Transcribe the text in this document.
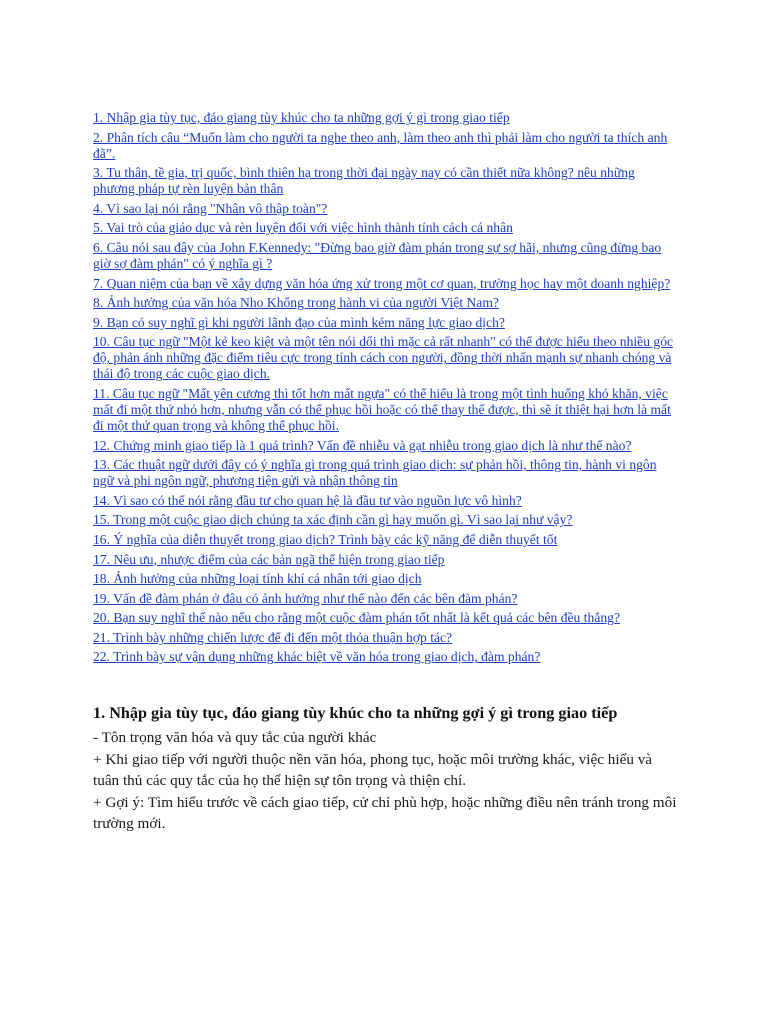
1. Nhập gia tùy tục, đáo giang tùy khúc cho ta những gợi ý gì trong giao tiếp
2. Phân tích câu “Muốn làm cho người ta nghe theo anh, làm theo anh thì phải làm cho người ta thích anh đã”.
3. Tu thân, tề gia, trị quốc, bình thiên hạ trong thời đại ngày nay có cần thiết nữa không? nêu những phương pháp tự rèn luyện bản thân
4. Vì sao lại nói rằng "Nhân vô thập toàn"?
5. Vai trò của giáo dục và rèn luyện đối với việc hình thành tính cách cá nhân
6. Câu nói sau đây của John F.Kennedy: "Đừng bao giờ đàm phán trong sự sợ hãi, nhưng cũng đừng bao giờ sợ đàm phán" có ý nghĩa gì ?
7. Quan niệm của bạn về xây dựng văn hóa ứng xử trong một cơ quan, trường học hay một doanh nghiệp?
8. Ảnh hưởng của văn hóa Nho Khổng trong hành vi của người Việt Nam?
9. Bạn có suy nghĩ gì khi người lãnh đạo của mình kém năng lực giao dịch?
10. Câu tục ngữ "Một kẻ keo kiệt và một tên nói dối thì mặc cả rất nhanh" có thể được hiểu theo nhiều góc độ, phản ánh những đặc điểm tiêu cực trong tính cách con người, đồng thời nhấn mạnh sự nhanh chóng và thái độ trong các cuộc giao dịch.
11. Câu tục ngữ "Mất yên cương thì tốt hơn mất ngựa" có thể hiểu là trong một tình huống khó khăn, việc mất đi một thứ nhỏ hơn, nhưng vẫn có thể phục hồi hoặc có thể thay thế được, thì sẽ ít thiệt hại hơn là mất đi một thứ quan trọng và không thể phục hồi.
12. Chứng minh giao tiếp là 1 quá trình? Vấn đề nhiễu và gạt nhiễu trong giao dịch là như thế nào?
13. Các thuật ngữ dưới đây có ý nghĩa gì trong quá trình giao dịch: sự phản hồi, thông tin, hành vi ngôn ngữ và phi ngôn ngữ, phương tiện gửi và nhận thông tin
14. Vì sao có thể nói rằng đầu tư cho quan hệ là đầu tư vào nguồn lực vô hình?
15. Trong một cuộc giao dịch chúng ta xác định cần gì hay muốn gì. Vì sao lại như vậy?
16. Ý nghĩa của diễn thuyết trong giao dịch? Trình bày các kỹ năng để diễn thuyết tốt
17. Nêu ưu, nhược điểm của các bản ngã thể hiện trong giao tiếp
18. Ảnh hưởng của những loại tính khí cá nhân tới giao dịch
19. Vấn đề đàm phán ở đâu có ảnh hưởng như thế nào đến các bên đàm phán?
20. Bạn suy nghĩ thế nào nếu cho rằng một cuộc đàm phán tốt nhất là kết quả các bên đều thắng?
21. Trình bày những chiến lược để đi đến một thỏa thuận hợp tác?
22. Trình bày sự vận dụng những khác biệt về văn hóa trong giao dịch, đàm phán?
1. Nhập gia tùy tục, đáo giang tùy khúc cho ta những gợi ý gì trong giao tiếp

- Tôn trọng văn hóa và quy tắc của người khác

+ Khi giao tiếp với người thuộc nền văn hóa, phong tục, hoặc môi trường khác, việc hiểu và tuân thủ các quy tắc của họ thể hiện sự tôn trọng và thiện chí.

+ Gợi ý: Tìm hiểu trước về cách giao tiếp, cử chỉ phù hợp, hoặc những điều nên tránh trong môi trường mới.
